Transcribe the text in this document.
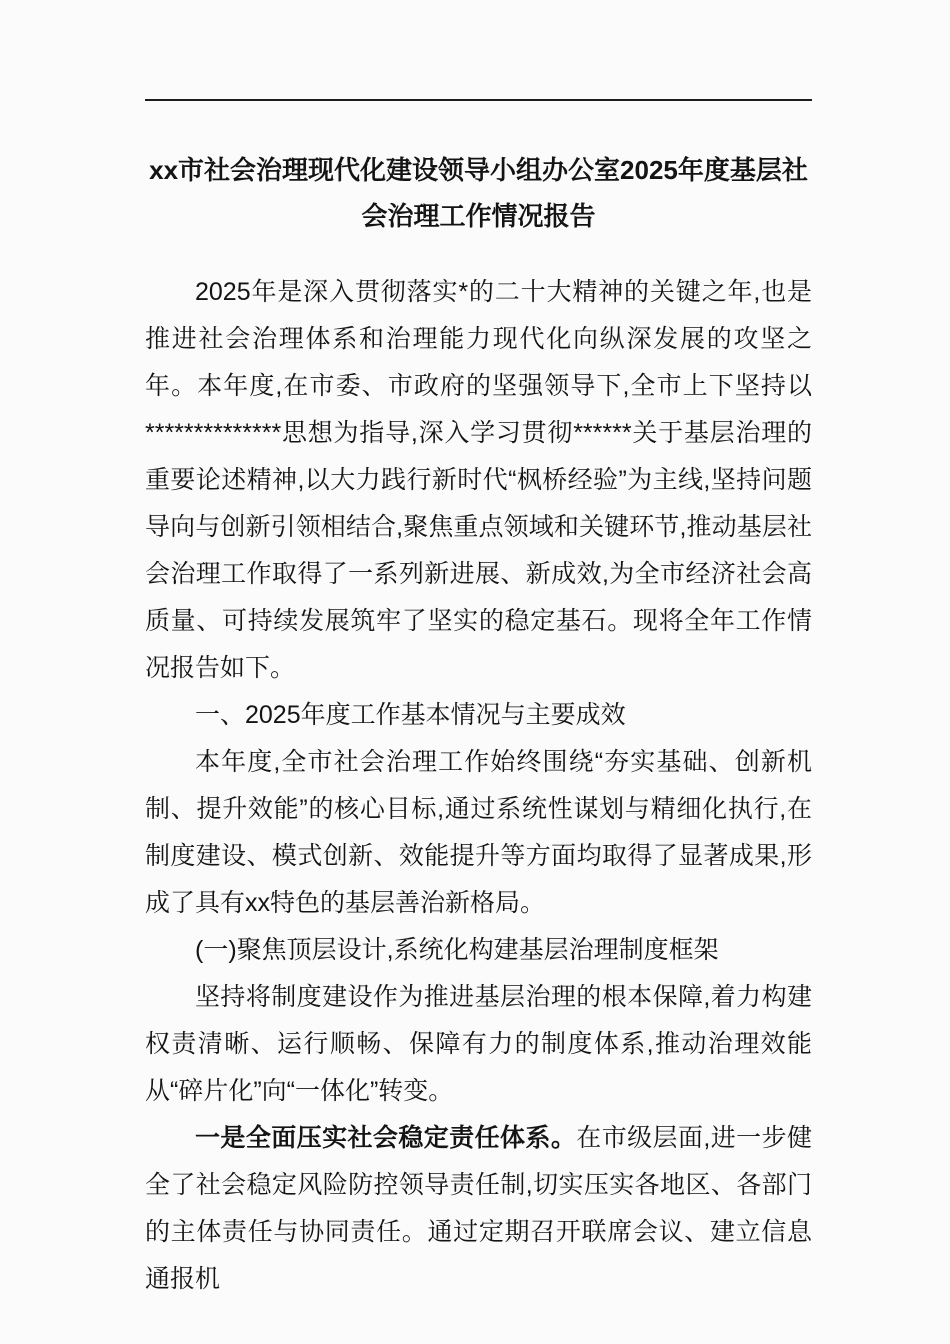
xx市社会治理现代化建设领导小组办公室2025年度基层社会治理工作情况报告

2025年是深入贯彻落实*的二十大精神的关键之年,也是推进社会治理体系和治理能力现代化向纵深发展的攻坚之年。本年度,在市委、市政府的坚强领导下,全市上下坚持以**************思想为指导,深入学习贯彻******关于基层治理的重要论述精神,以大力践行新时代“枫桥经验”为主线,坚持问题导向与创新引领相结合,聚焦重点领域和关键环节,推动基层社会治理工作取得了一系列新进展、新成效,为全市经济社会高质量、可持续发展筑牢了坚实的稳定基石。现将全年工作情况报告如下。

一、2025年度工作基本情况与主要成效

本年度,全市社会治理工作始终围绕“夯实基础、创新机制、提升效能”的核心目标,通过系统性谋划与精细化执行,在制度建设、模式创新、效能提升等方面均取得了显著成果,形成了具有xx特色的基层善治新格局。

(一)聚焦顶层设计,系统化构建基层治理制度框架

坚持将制度建设作为推进基层治理的根本保障,着力构建权责清晰、运行顺畅、保障有力的制度体系,推动治理效能从“碎片化”向“一体化”转变。

一是全面压实社会稳定责任体系。在市级层面,进一步健全了社会稳定风险防控领导责任制,切实压实各地区、各部门的主体责任与协同责任。通过定期召开联席会议、建立信息通报机
